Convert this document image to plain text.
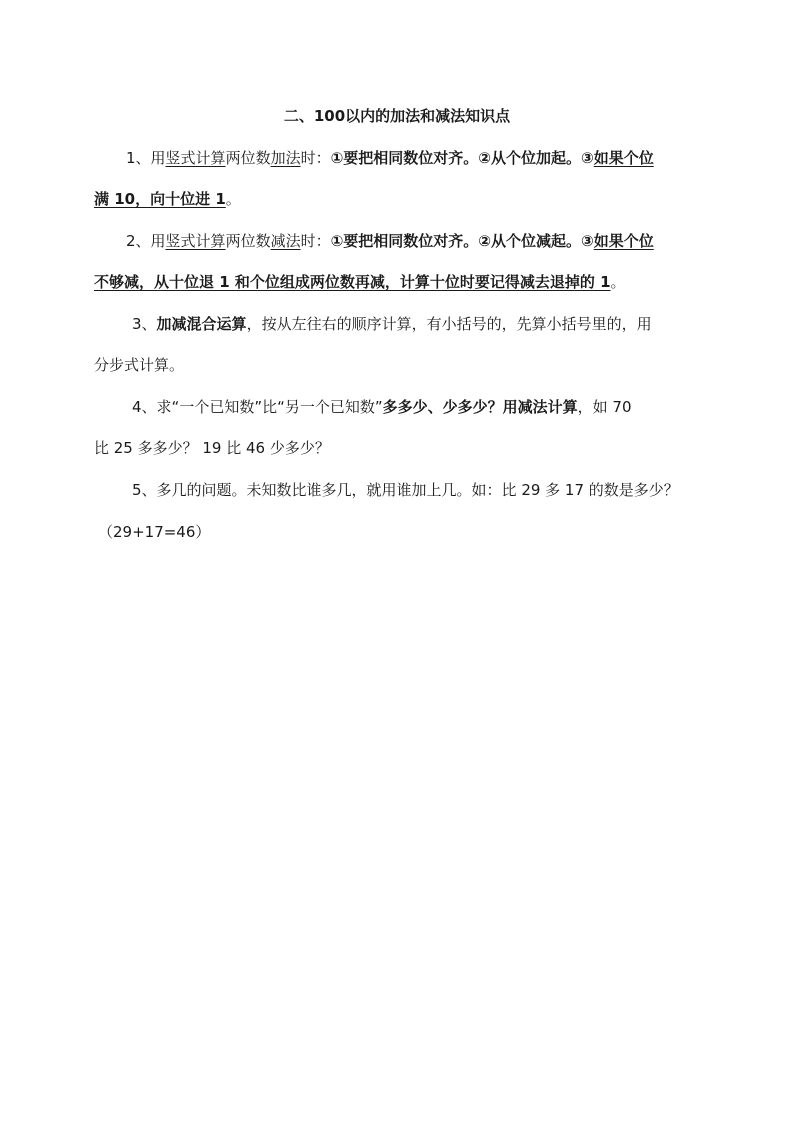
二、100以内的加法和减法知识点
1、用竖式计算两位数加法时：①要把相同数位对齐。②从个位加起。③如果个位
满 10，向十位进 1。
2、用竖式计算两位数减法时：①要把相同数位对齐。②从个位减起。③如果个位
不够减，从十位退 1 和个位组成两位数再减，计算十位时要记得减去退掉的 1。
3、加减混合运算，按从左往右的顺序计算，有小括号的，先算小括号里的，用
分步式计算。
4、求“一个已知数”比“另一个已知数”多多少、少多少？用减法计算，如 70
比 25 多多少？ 19 比 46 少多少？
5、多几的问题。未知数比谁多几，就用谁加上几。如：比 29 多 17 的数是多少？
（29+17=46）
